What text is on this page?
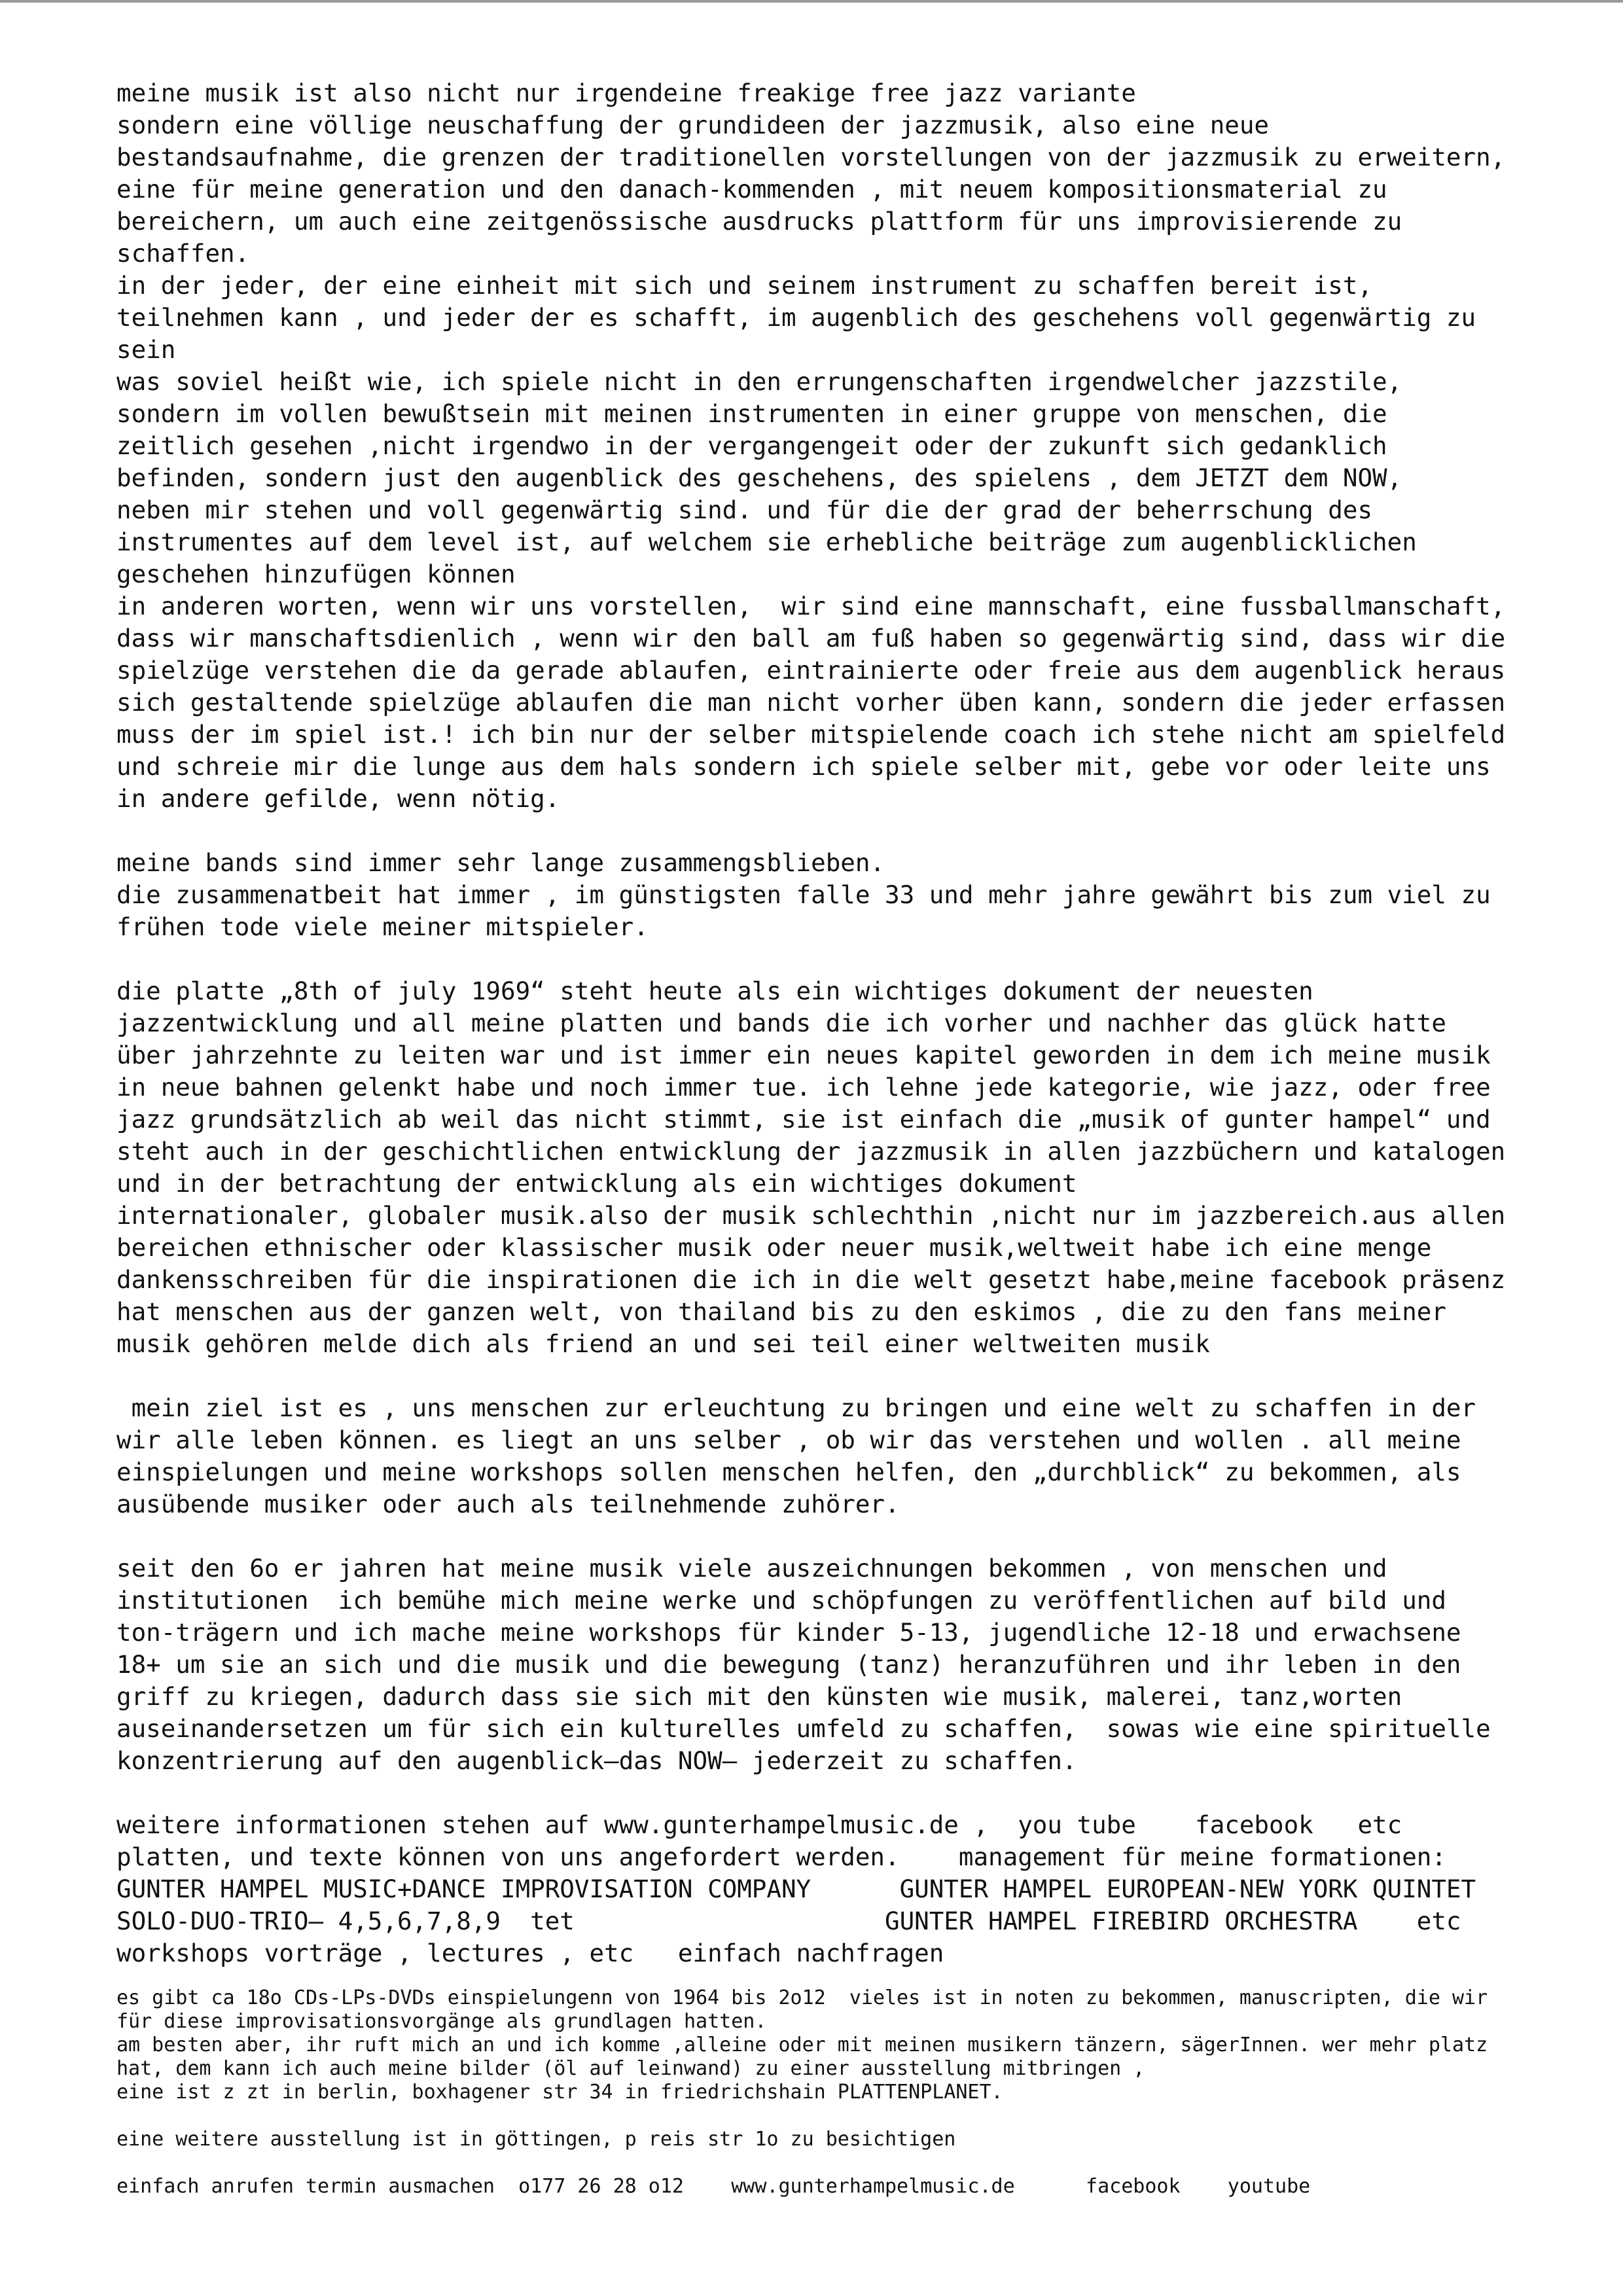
meine musik ist also nicht nur irgendeine freakige free jazz variante
sondern eine völlige neuschaffung der grundideen der jazzmusik, also eine neue
bestandsaufnahme, die grenzen der traditionellen vorstellungen von der jazzmusik zu erweitern,
eine für meine generation und den danach-kommenden , mit neuem kompositionsmaterial zu
bereichern, um auch eine zeitgenössische ausdrucks plattform für uns improvisierende zu
schaffen.
in der jeder, der eine einheit mit sich und seinem instrument zu schaffen bereit ist,
teilnehmen kann , und jeder der es schafft, im augenblich des geschehens voll gegenwärtig zu
sein
was soviel heißt wie, ich spiele nicht in den errungenschaften irgendwelcher jazzstile,
sondern im vollen bewußtsein mit meinen instrumenten in einer gruppe von menschen, die
zeitlich gesehen ,nicht irgendwo in der vergangengeit oder der zukunft sich gedanklich
befinden, sondern just den augenblick des geschehens, des spielens , dem JETZT dem NOW,
neben mir stehen und voll gegenwärtig sind. und für die der grad der beherrschung des
instrumentes auf dem level ist, auf welchem sie erhebliche beiträge zum augenblicklichen
geschehen hinzufügen können
in anderen worten, wenn wir uns vorstellen,  wir sind eine mannschaft, eine fussballmanschaft,
dass wir manschaftsdienlich , wenn wir den ball am fuß haben so gegenwärtig sind, dass wir die
spielzüge verstehen die da gerade ablaufen, eintrainierte oder freie aus dem augenblick heraus
sich gestaltende spielzüge ablaufen die man nicht vorher üben kann, sondern die jeder erfassen
muss der im spiel ist.! ich bin nur der selber mitspielende coach ich stehe nicht am spielfeld
und schreie mir die lunge aus dem hals sondern ich spiele selber mit, gebe vor oder leite uns
in andere gefilde, wenn nötig.
meine bands sind immer sehr lange zusammengsblieben.
die zusammenatbeit hat immer , im günstigsten falle 33 und mehr jahre gewährt bis zum viel zu
frühen tode viele meiner mitspieler.
die platte „8th of july 1969“ steht heute als ein wichtiges dokument der neuesten
jazzentwicklung und all meine platten und bands die ich vorher und nachher das glück hatte
über jahrzehnte zu leiten war und ist immer ein neues kapitel geworden in dem ich meine musik
in neue bahnen gelenkt habe und noch immer tue. ich lehne jede kategorie, wie jazz, oder free
jazz grundsätzlich ab weil das nicht stimmt, sie ist einfach die „musik of gunter hampel“ und
steht auch in der geschichtlichen entwicklung der jazzmusik in allen jazzbüchern und katalogen
und in der betrachtung der entwicklung als ein wichtiges dokument
internationaler, globaler musik.also der musik schlechthin ,nicht nur im jazzbereich.aus allen
bereichen ethnischer oder klassischer musik oder neuer musik,weltweit habe ich eine menge
dankensschreiben für die inspirationen die ich in die welt gesetzt habe,meine facebook präsenz
hat menschen aus der ganzen welt, von thailand bis zu den eskimos , die zu den fans meiner
musik gehören melde dich als friend an und sei teil einer weltweiten musik
mein ziel ist es , uns menschen zur erleuchtung zu bringen und eine welt zu schaffen in der
wir alle leben können. es liegt an uns selber , ob wir das verstehen und wollen . all meine
einspielungen und meine workshops sollen menschen helfen, den „durchblick“ zu bekommen, als
ausübende musiker oder auch als teilnehmende zuhörer.
seit den 6o er jahren hat meine musik viele auszeichnungen bekommen , von menschen und
institutionen  ich bemühe mich meine werke und schöpfungen zu veröffentlichen auf bild und
ton-trägern und ich mache meine workshops für kinder 5-13, jugendliche 12-18 und erwachsene
18+ um sie an sich und die musik und die bewegung (tanz) heranzuführen und ihr leben in den
griff zu kriegen, dadurch dass sie sich mit den künsten wie musik, malerei, tanz,worten
auseinandersetzen um für sich ein kulturelles umfeld zu schaffen,  sowas wie eine spirituelle
konzentrierung auf den augenblick–das NOW– jederzeit zu schaffen.
weitere informationen stehen auf www.gunterhampelmusic.de ,  you tube    facebook   etc
platten, und texte können von uns angefordert werden.    management für meine formationen:
GUNTER HAMPEL MUSIC+DANCE IMPROVISATION COMPANY      GUNTER HAMPEL EUROPEAN-NEW YORK QUINTET
SOLO-DUO-TRIO– 4,5,6,7,8,9  tet                     GUNTER HAMPEL FIREBIRD ORCHESTRA    etc
workshops vorträge , lectures , etc   einfach nachfragen
es gibt ca 18o CDs-LPs-DVDs einspielungenn von 1964 bis 2o12  vieles ist in noten zu bekommen, manuscripten, die wir
für diese improvisationsvorgänge als grundlagen hatten.
am besten aber, ihr ruft mich an und ich komme ,alleine oder mit meinen musikern tänzern, sägerInnen. wer mehr platz
hat, dem kann ich auch meine bilder (öl auf leinwand) zu einer ausstellung mitbringen ,
eine ist z zt in berlin, boxhagener str 34 in friedrichshain PLATTENPLANET.
eine weitere ausstellung ist in göttingen, p reis str 1o zu besichtigen
einfach anrufen termin ausmachen  o177 26 28 o12    www.gunterhampelmusic.de      facebook    youtube
